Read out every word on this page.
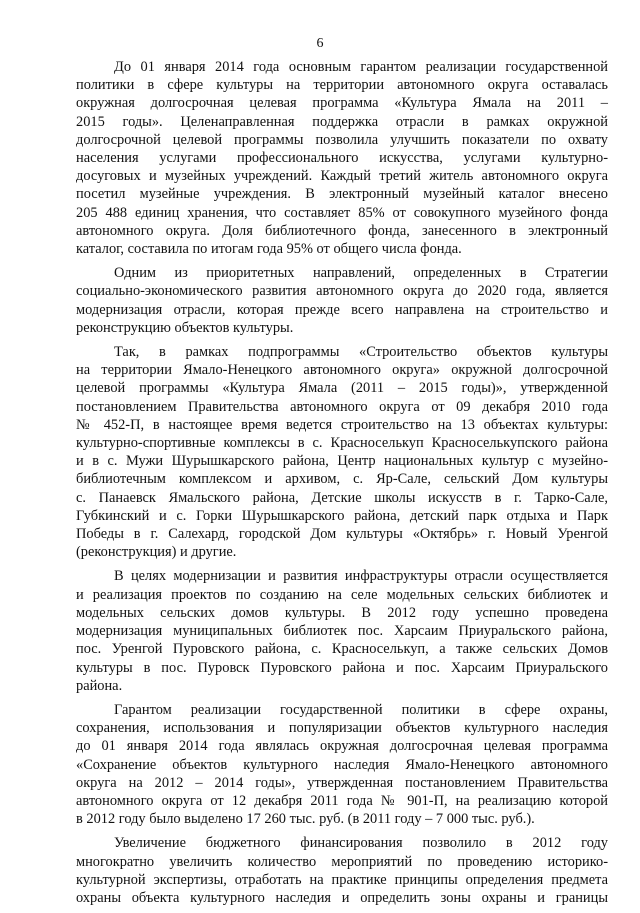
6
До 01 января 2014 года основным гарантом реализации государственной
политики в сфере культуры на территории автономного округа оставалась
окружная долгосрочная целевая программа «Культура Ямала на 2011 –
2015 годы». Целенаправленная поддержка отрасли в рамках окружной
долгосрочной целевой программы позволила улучшить показатели по охвату
населения услугами профессионального искусства, услугами культурно-
досуговых и музейных учреждений. Каждый третий житель автономного округа
посетил музейные учреждения. В электронный музейный каталог внесено
205 488 единиц хранения, что составляет 85% от совокупного музейного фонда
автономного округа. Доля библиотечного фонда, занесенного в электронный
каталог, составила по итогам года 95% от общего числа фонда.
Одним из приоритетных направлений, определенных в Стратегии
социально-экономического развития автономного округа до 2020 года, является
модернизация отрасли, которая прежде всего направлена на строительство и
реконструкцию объектов культуры.
Так, в рамках подпрограммы «Строительство объектов культуры
на территории Ямало-Ненецкого автономного округа» окружной долгосрочной
целевой программы «Культура Ямала (2011 – 2015 годы)», утвержденной
постановлением Правительства автономного округа от 09 декабря 2010 года
№ 452-П, в настоящее время ведется строительство на 13 объектах культуры:
культурно-спортивные комплексы в с. Красноселькуп Красноселькупского района
и в с. Мужи Шурышкарского района, Центр национальных культур с музейно-
библиотечным комплексом и архивом, с. Яр-Сале, сельский Дом культуры
с. Панаевск Ямальского района, Детские школы искусств в г. Тарко-Сале,
Губкинский и с. Горки Шурышкарского района, детский парк отдыха и Парк
Победы в г. Салехард, городской Дом культуры «Октябрь» г. Новый Уренгой
(реконструкция) и другие.
В целях модернизации и развития инфраструктуры отрасли осуществляется
и реализация проектов по созданию на селе модельных сельских библиотек и
модельных сельских домов культуры. В 2012 году успешно проведена
модернизация муниципальных библиотек пос. Харсаим Приуральского района,
пос. Уренгой Пуровского района, с. Красноселькуп, а также сельских Домов
культуры в пос. Пуровск Пуровского района и пос. Харсаим Приуральского
района.
Гарантом реализации государственной политики в сфере охраны,
сохранения, использования и популяризации объектов культурного наследия
до 01 января 2014 года являлась окружная долгосрочная целевая программа
«Сохранение объектов культурного наследия Ямало-Ненецкого автономного
округа на 2012 – 2014 годы», утвержденная постановлением Правительства
автономного округа от 12 декабря 2011 года № 901-П, на реализацию которой
в 2012 году было выделено 17 260 тыс. руб. (в 2011 году – 7 000 тыс. руб.).
Увеличение бюджетного финансирования позволило в 2012 году
многократно увеличить количество мероприятий по проведению историко-
культурной экспертизы, отработать на практике принципы определения предмета
охраны объекта культурного наследия и определить зоны охраны и границы
